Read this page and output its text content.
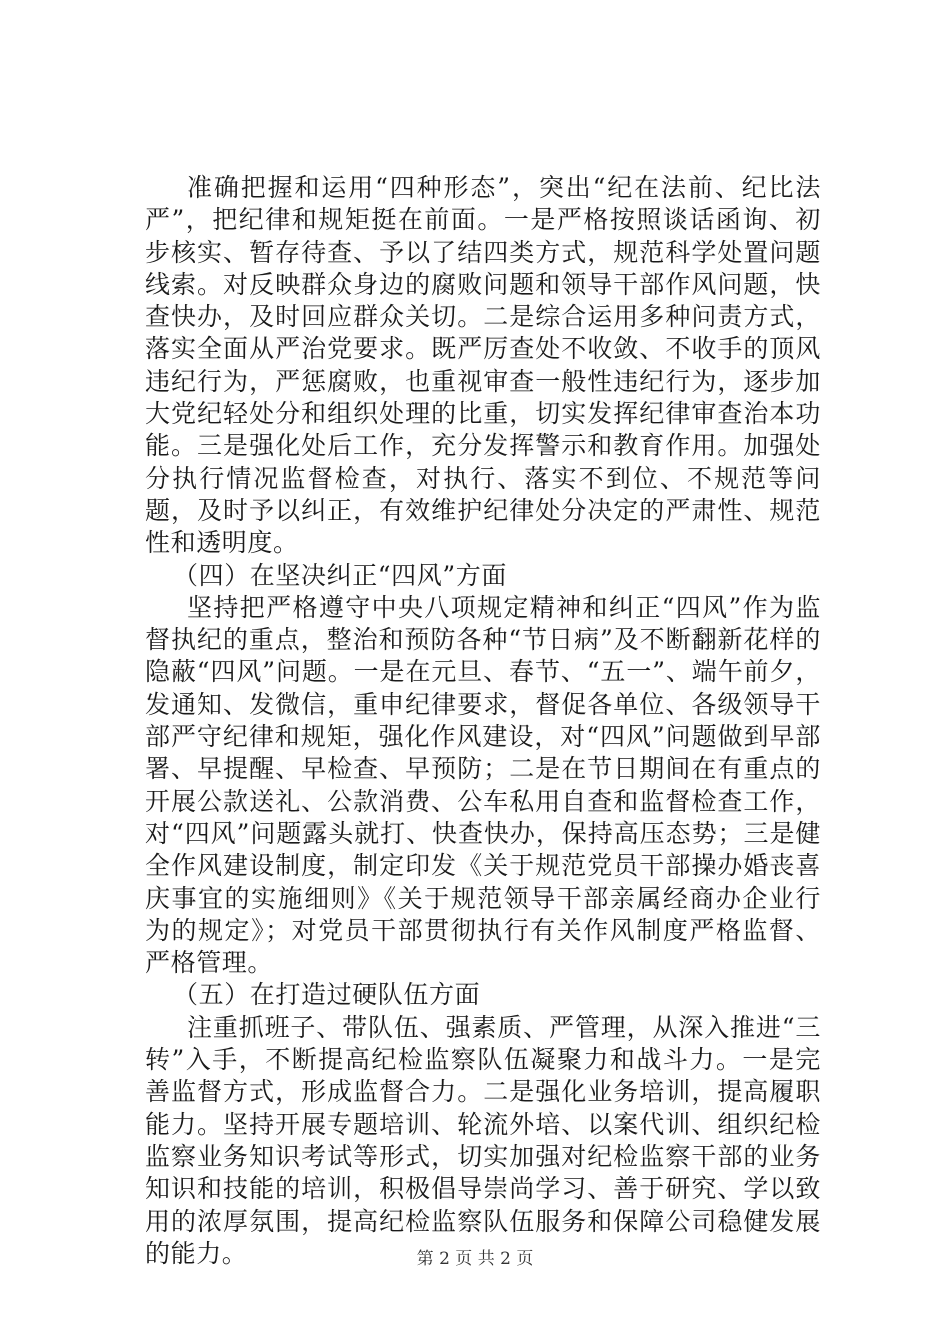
准确把握和运用“四种形态”，突出“纪在法前、纪比法严”，把纪律和规矩挺在前面。一是严格按照谈话函询、初步核实、暂存待查、予以了结四类方式，规范科学处置问题线索。对反映群众身边的腐败问题和领导干部作风问题，快查快办，及时回应群众关切。二是综合运用多种问责方式，落实全面从严治党要求。既严厉查处不收敛、不收手的顶风违纪行为，严惩腐败，也重视审查一般性违纪行为，逐步加大党纪轻处分和组织处理的比重，切实发挥纪律审查治本功能。三是强化处后工作，充分发挥警示和教育作用。加强处分执行情况监督检查，对执行、落实不到位、不规范等问题，及时予以纠正，有效维护纪律处分决定的严肃性、规范性和透明度。

（四）在坚决纠正“四风”方面

坚持把严格遵守中央八项规定精神和纠正“四风”作为监督执纪的重点，整治和预防各种“节日病”及不断翻新花样的隐蔽“四风”问题。一是在元旦、春节、“五一”、端午前夕，发通知、发微信，重申纪律要求，督促各单位、各级领导干部严守纪律和规矩，强化作风建设，对“四风”问题做到早部署、早提醒、早检查、早预防；二是在节日期间在有重点的开展公款送礼、公款消费、公车私用自查和监督检查工作，对“四风”问题露头就打、快查快办，保持高压态势；三是健全作风建设制度，制定印发《关于规范党员干部操办婚丧喜庆事宜的实施细则》《关于规范领导干部亲属经商办企业行为的规定》；对党员干部贯彻执行有关作风制度严格监督、严格管理。

（五）在打造过硬队伍方面

注重抓班子、带队伍、强素质、严管理，从深入推进“三转”入手，不断提高纪检监察队伍凝聚力和战斗力。一是完善监督方式，形成监督合力。二是强化业务培训，提高履职能力。坚持开展专题培训、轮流外培、以案代训、组织纪检监察业务知识考试等形式，切实加强对纪检监察干部的业务知识和技能的培训，积极倡导崇尚学习、善于研究、学以致用的浓厚氛围，提高纪检监察队伍服务和保障公司稳健发展的能力。	第 2 页 共 2 页
